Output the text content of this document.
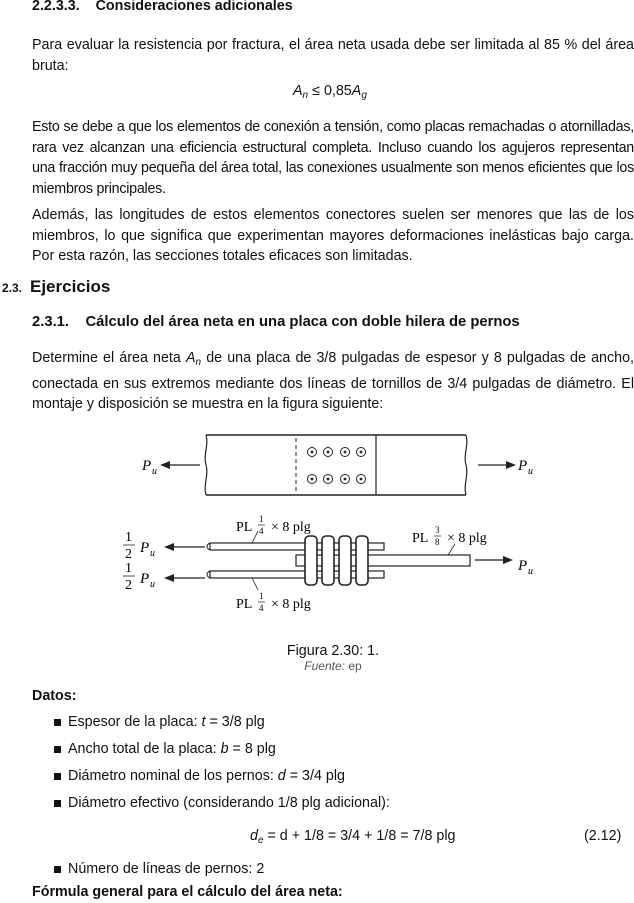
2.2.3.3. Consideraciones adicionales

Para evaluar la resistencia por fractura, el área neta usada debe ser limitada al 85 % del área bruta:

$A_n \le 0,85A_g$

Esto se debe a que los elementos de conexión a tensión, como placas remachadas o atornilladas, rara vez alcanzan una eficiencia estructural completa. Incluso cuando los agujeros representan una fracción muy pequeña del área total, las conexiones usualmente son menos eficientes que los miembros principales.

Además, las longitudes de estos elementos conectores suelen ser menores que las de los miembros, lo que significa que experimentan mayores deformaciones inelásticas bajo carga. Por esta razón, las secciones totales eficaces son limitadas.

2.3. Ejercicios
2.3.1. Cálculo del área neta en una placa con doble hilera de pernos

Determine el área neta $A_n$ de una placa de 3/8 pulgadas de espesor y 8 pulgadas de ancho, conectada en sus extremos mediante dos líneas de tornillos de 3/4 pulgadas de diámetro. El montaje y disposición se muestra en la figura siguiente:

P u	P u
1
2 P u
1
2 P u
P u
PL
1
4 × 8 plg
PL
3
8 × 8 plg
PL
1
4 × 8 plg
Figura 2.30: 1.
Fuente: ep
Datos:
Espesor de la placa: t = 3/8 plg
Ancho total de la placa: b = 8 plg
Diámetro nominal de los pernos: d = 3/4 plg
Diámetro efectivo (considerando 1/8 plg adicional):
$d_e = d + 1/8 = 3/4 + 1/8 = 7/8$ plg	(2.12)
Número de líneas de pernos: 2
Fórmula general para el cálculo del área neta:
